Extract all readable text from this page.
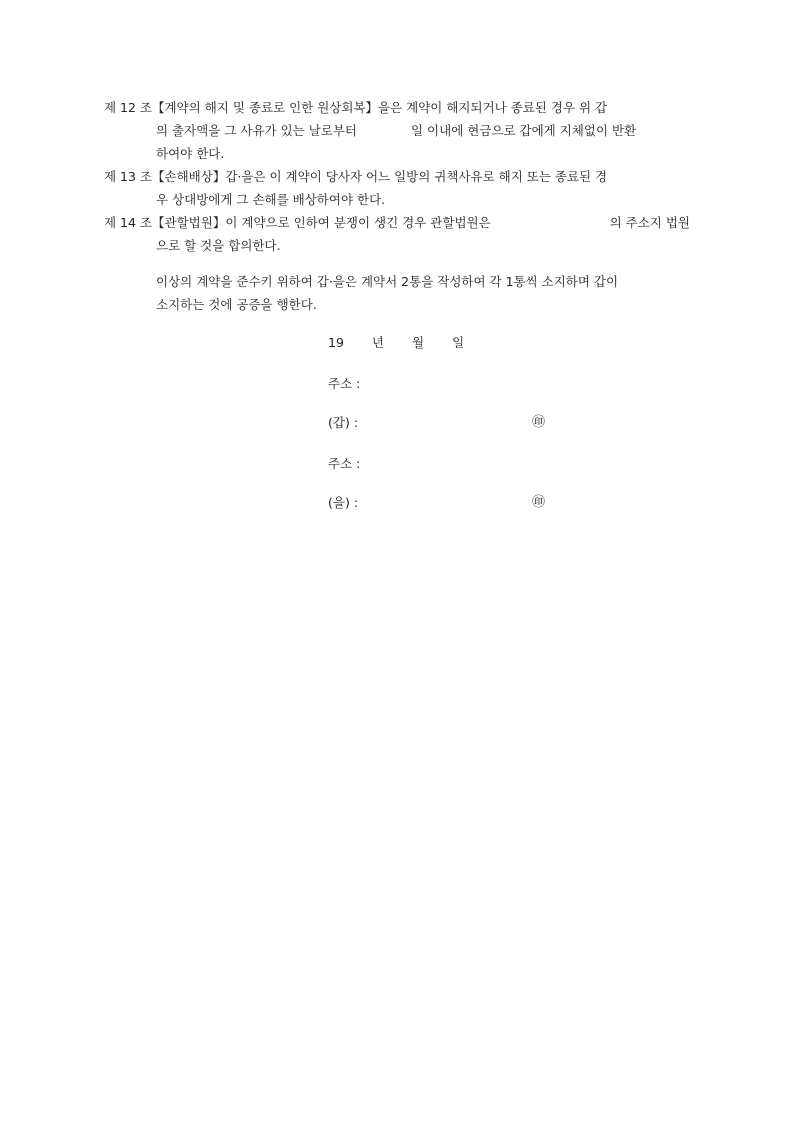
제 12 조【계약의 해지 및 종료로 인한 원상회복】을은 계약이 해지되거나 종료된 경우 위 갑
의 출자액을 그 사유가 있는 날로부터	일 이내에 현금으로 갑에게 지체없이 반환
하여야 한다.
제 13 조【손해배상】갑·을은 이 계약이 당사자 어느 일방의 귀책사유로 해지 또는 종료된 경
우 상대방에게 그 손해를 배상하여야 한다.
제 14 조 【관할법원】 이 계약으로 인하여 분쟁이 생긴 경우 관할법원은	의 주소지 법원
으로 할 것을 합의한다.
이상의 계약을 준수키 위하여 갑·을은 계약서 2통을 작성하여 각 1통씩 소지하며 갑이
소지하는 것에 공증을 행한다.
19 년 월 일
주소 :
(갑) :	㊞
주소 :
(을) :	㊞
